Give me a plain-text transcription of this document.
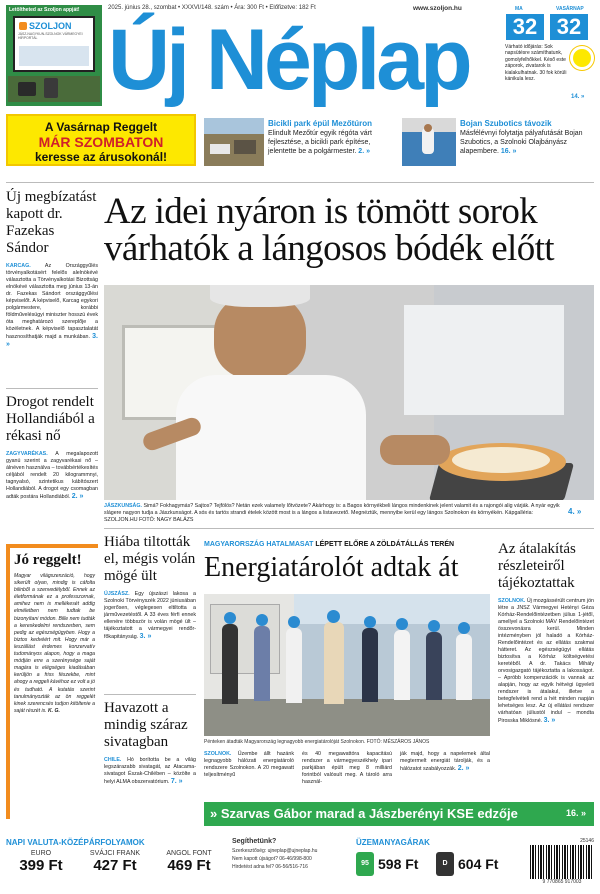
Letöltheted az Szoljon appját!
SZOLJON
JÁSZ-NAGYKUN-SZOLNOK VÁRMEGYEI HÍRPORTÁL
2025. június 28., szombat • XXXVI/148. szám • Ára: 300 Ft • Előfizetve: 182 Ft	www.szoljon.hu
Új Néplap
MA	VASÁRNAP
32 32
Várható időjárás: Sok napsütésre számíthatunk, gomolyfelhőkkel. Késő este záporok, zivatarok is kialakulhatnak. 30 fok körüli kánikula lesz.
14. »
A Vasárnap Reggelt
MÁR SZOMBATON
keresse az árusokonál!
Bicikli park épül Mezőtúron
Elindult Mezőtúr egyik régóta várt fejlesztése, a bicikli park építése, jelentette be a polgármester. 2. »
Bojan Szubotics távozik
Másfélévnyi folytatja pályafutását Bojan Szubotics, a Szolnoki Olajbányász alapembere. 16. »
Új megbízatást kapott dr. Fazekas Sándor
KARCAG.	Az Országgyűlés törvényalkotásért felelős alelnökévé választotta a Törvényalkotási Bizottság elnökévé választotta meg június 13-án dr. Fazekas Sándort országgyűlési képviselőt. A képviselő, Karcag egykori polgármestere, korábbi földművelésügyi miniszter hosszú évek óta meghatározó szereplője a közéletnek. A képviselő tapasztalatát hasznosíthatják majd a munkában. 3. »
Drogot rendelt Hollandiából a rékasi nő
ZAGYVARÉKAS. A megalapozott gyanú szerint a zagyvarékasi nő – álnéven használva – továbbértékesítés céljából rendelt 20 kilogrammnyi, tagnyalsó, szintetikus kábítószert Hollandiából. A drogot egy csomagban adták postára Hollandiából. 2. »
Jó reggelt!
Magyar világszenzáció, hogy sikerült olyan, mindig is cáfolta bilinből a szenvedélyből. Ennek az életformának ez a professzornak, amihez nem is mellékesét addig elméletben nem tudtak be bizonyítani módon. Bille nem tudták a kereskedelmi rendszerben, sem pedig az egészségügyben. Hogy a biztos kedvéért mit. Hogy már a leszállást érdemes konzervatív tudományos alapon, hogy a maga módján erre a szerénysége saját magára is elégséges kiadásában kerüljön a friss fészekbe, mint ahogy a reggeli kávéhoz ez volt a jó és tudható. A kutatás szerint tanulmányozták az ön reggelét kinek szerencsés tudjon kitöltenie a saját részét is. K. G.
Az idei nyáron is tömött sorok várhatók a lángosos bódék előtt
JÁSZKUNSÁG. Simá? Fokhagymás? Sajtos? Tejfölös? Netán ezek valamely lőtvözete? Akárhogy is: a Bagos környékbeli lángos mindenkinek jelent valamit és a rajongói alig várják. A nyár egyik slágere nagyon tudja a Jászkunságot. A sós és tartós strandi ételek között most is a lángos a listavezető. Megnéztük, mennyibe kerül egy lángos Szolnokon és környékén. Kápgalléria: SZOLJON.HU FOTÓ: NAGY BALÁZS
4. »
Hiába tiltották el, mégis volán mögé ült
ÚJSZÁSZ. Egy újszászi lakosa a Szolnoki Törvényszék 2022 júniusában jogerősen, véglegesen eltiltotta a járművezetéstől. A 33 éves férfi ennek ellenére többször is volán mögé ült – tájékoztatott a vármegyei rendőr-főkapitányság. 3. »
Havazott a mindig száraz sivatagban
CHILE. Hó borította be a világ legszárazabb sivatagát, az Atacama-sivatagot Észak-Chilében – közölte a helyi ALMA obszervatórium. 7. »
MAGYARORSZÁG HATALMASAT LÉPETT ELŐRE A ZÖLDÁTÁLLÁS TERÉN
Energiatárolót adtak át
Pénteken átadták Magyarország legnagyobb energiatárolóját Szolnokon. FOTÓ: MÉSZÁROS JÁNOS
SZOLNOK. Üzembe állt hazánk legnagyobb hálózati energiatároló rendszere Szolnokon. A 20 megawatt teljesítményű
és 40 megawattóra kapacitású rendszer a vármegyeszékhely ipari parkjában épült meg 8 milliárd forintból valósult meg. A tároló arra használ-
ják majd, hogy a napelemek által megtermelt energiát tárolják, és a hálózatot szabályozzák. 2. »
Az átalakítás részleteiről tájékoztattak
SZOLNOK. Új mozgássérült centrum jön létre a JNSZ Vármegyei Hetényi Géza Kórház-Rendelőintézetben július 1-jétől, amellyel a Szolnoki MÁV Rendelőintézet összevonásra kerül. Minden intézményben jól haladó a Kórház-Rendelőintézet és az ellátás szakmai hátteret. Az egészségügyi ellátás biztosítva a Kórház költségvetési keretéből. A dr. Takács Mihály orvosigazgató tájékoztatta a lakosságot. – Apróbb kompenzációk is vannak az alapján, hogy az egyik hétvégi ügyeleti rendszer is átalakul, illetve a betegfelvételi rend a hét minden napján lehetséges lesz. Az új ellátási rendszer várhatóan júliustól indul – mondta Pirosska Miklósné. 3. »
» Szarvas Gábor marad a Jászberényi KSE edzője	16. »
NAPI VALUTA-KÖZÉPÁRFOLYAMOK
EURO
399 Ft
SVÁJCI FRANK
427 Ft
ANGOL FONT
469 Ft
Segíthetünk?
Szerkesztőség: ujneplap@ujneplap.hu
Nem kapott újságot? 06-46/998-800
Hirdetést adna fel? 06-56/516-716
ÜZEMANYAGÁRAK
95 598 Ft	D 604 Ft
25146
9 770865 917003
